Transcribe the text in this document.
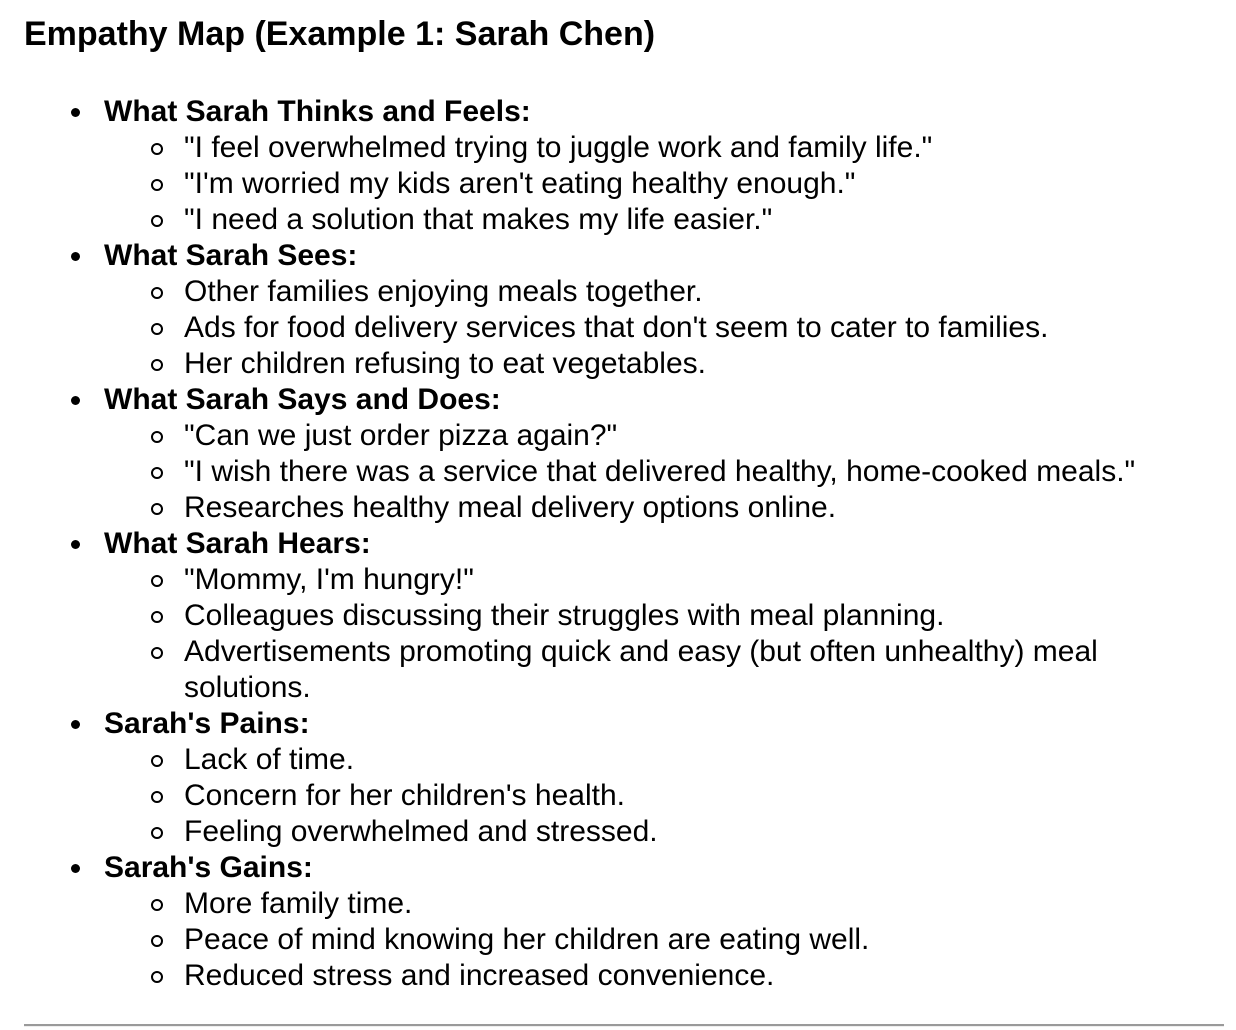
Empathy Map (Example 1: Sarah Chen)
What Sarah Thinks and Feels:
"I feel overwhelmed trying to juggle work and family life."
"I'm worried my kids aren't eating healthy enough."
"I need a solution that makes my life easier."
What Sarah Sees:
Other families enjoying meals together.
Ads for food delivery services that don't seem to cater to families.
Her children refusing to eat vegetables.
What Sarah Says and Does:
"Can we just order pizza again?"
"I wish there was a service that delivered healthy, home-cooked meals."
Researches healthy meal delivery options online.
What Sarah Hears:
"Mommy, I'm hungry!"
Colleagues discussing their struggles with meal planning.
Advertisements promoting quick and easy (but often unhealthy) meal solutions.
Sarah's Pains:
Lack of time.
Concern for her children's health.
Feeling overwhelmed and stressed.
Sarah's Gains:
More family time.
Peace of mind knowing her children are eating well.
Reduced stress and increased convenience.
